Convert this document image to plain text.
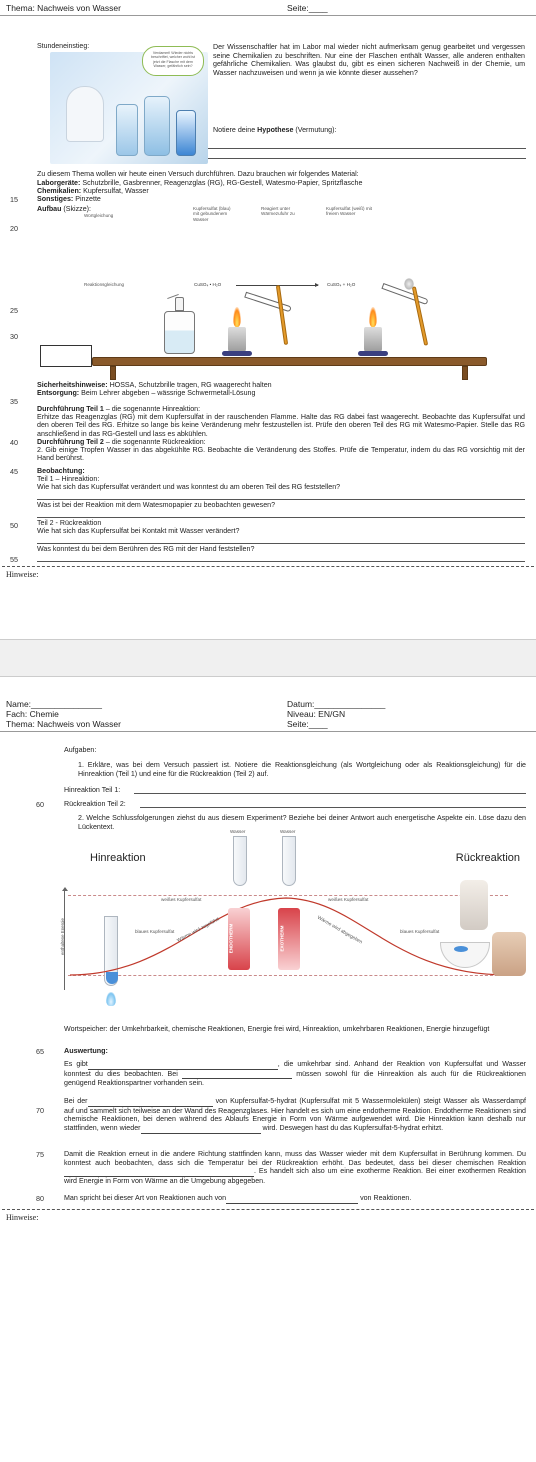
Thema: Nachweis von Wasser	Seite:____
Stundeneinstieg:
Verdammt! Wieder nichts beschriftet, welcher wohl ist jetzt die Flasche mit dem Wasser, gefährlich sein?
Der Wissenschaftler hat im Labor mal wieder nicht aufmerksam genug gearbeitet und vergessen seine Chemikalien zu beschriften. Nur eine der Flaschen enthält Wasser, alle anderen enthalten gefährliche Chemikalien. Was glaubst du, gibt es einen sicheren Nachweiß in der Chemie, um Wasser nachzuweisen und wenn ja wie könnte dieser aussehen?
Notiere deine Hypothese (Vermutung):
Zu diesem Thema wollen wir heute einen Versuch durchführen. Dazu brauchen wir folgendes Material:
Laborgeräte: Schutzbrille, Gasbrenner, Reagenzglas (RG), RG-Gestell, Watesmo-Papier, Spritzflasche
Chemikalien: Kupfersulfat, Wasser
Sonstiges: Pinzette
Aufbau (Skizze):
Wortgleichung
Kupfersulfat (blau) mit gebundenem Wasser
Reagiert unter Wärmezufuhr zu
Kupfersulfat (weiß) mit freiem Wasser
Reaktionsgleichung	CuSO₄ • H₂O	CuSO₄ + H₂O
Sicherheitshinweise: HOSSA, Schutzbrille tragen, RG waagerecht halten
Entsorgung: Beim Lehrer abgeben – wässrige Schwermetall-Lösung
Durchführung Teil 1 – die sogenannte Hinreaktion:
Erhitze das Reagenzglas (RG) mit dem Kupfersulfat in der rauschenden Flamme. Halte das RG dabei fast waagerecht. Beobachte das Kupfersulfat und den oberen Teil des RG. Erhitze so lange bis keine Veränderung mehr festzustellen ist. Prüfe den oberen Teil des RG mit Watesmo-Papier. Stelle das RG anschließend in das RG-Gestell und lass es abkühlen.
Durchführung Teil 2 – die sogenannte Rückreaktion:
2. Gib einige Tropfen Wasser in das abgekühlte RG. Beobachte die Veränderung des Stoffes. Prüfe die Temperatur, indem du das RG vorsichtig mit der Hand berührst.
Beobachtung:
Teil 1 – Hinreaktion:
Wie hat sich das Kupfersulfat verändert und was konntest du am oberen Teil des RG feststellen?
Was ist bei der Reaktion mit dem Watesmopapier zu beobachten gewesen?
Teil 2 - Rückreaktion
Wie hat sich das Kupfersulfat bei Kontakt mit Wasser verändert?
Was konntest du bei dem Berühren des RG mit der Hand feststellen?
Hinweise:
15
20
25
30
35
40
45
50
55
Name:_______________	Datum:_______________
Fach: Chemie	Niveau: EN/GN
Thema: Nachweis von Wasser	Seite:____
Aufgaben:
1. Erkläre, was bei dem Versuch passiert ist. Notiere die Reaktionsgleichung (als Wortgleichung oder als Reaktionsgleichung) für die Hinreaktion (Teil 1) und eine für die Rückreaktion (Teil 2) auf.
Hinreaktion Teil 1:
Rückreaktion Teil 2:
2. Welche Schlussfolgerungen ziehst du aus diesem Experiment? Beziehe bei deiner Antwort auch energetische Aspekte ein. Löse dazu den Lückentext.
Hinreaktion	Rückreaktion
Wasser	Wasser
enthaltene Energie
weißes Kupfersulfat	weißes Kupfersulfat
blaues Kupfersulfat	blaues Kupfersulfat
ENDOTHERM	EXOTHERM
Wärme wird zugeführt	Wärme wird abgegeben
Wortspeicher: der Umkehrbarkeit, chemische Reaktionen, Energie frei wird, Hinreaktion, umkehrbaren Reaktionen, Energie hinzugefügt
Auswertung:
Es gibt	, die umkehrbar sind. Anhand der Reaktion von Kupfersulfat und Wasser konntest du dies beobachten. Bei	müssen sowohl für die Hinreaktion als auch für die Rückreaktionen genügend Reaktionspartner vorhanden sein.
Bei der	von Kupfersulfat-5-hydrat (Kupfersulfat mit 5 Wassermolekülen) steigt Wasser als Wasserdampf auf und sammelt sich teilweise an der Wand des Reagenzglases. Hier handelt es sich um eine endotherme Reaktion. Endotherme Reaktionen sind chemische Reaktionen, bei denen während des Ablaufs Energie in Form von Wärme aufgewendet wird. Die Hinreaktion kann deshalb nur stattfinden, wenn wieder	wird. Deswegen hast du das Kupfersulfat-5-hydrat erhitzt.
Damit die Reaktion erneut in die andere Richtung stattfinden kann, muss das Wasser wieder mit dem Kupfersulfat in Berührung kommen. Du konntest auch beobachten, dass sich die Temperatur bei der Rückreaktion erhöht. Das bedeutet, dass bei dieser chemischen Reaktion  . Es handelt sich also um eine exotherme Reaktion. Bei einer exothermen Reaktion wird Energie in Form von Wärme an die Umgebung abgegeben.
Man spricht bei dieser Art von Reaktionen auch von	von Reaktionen.
Hinweise:
60
65
70
75
80
